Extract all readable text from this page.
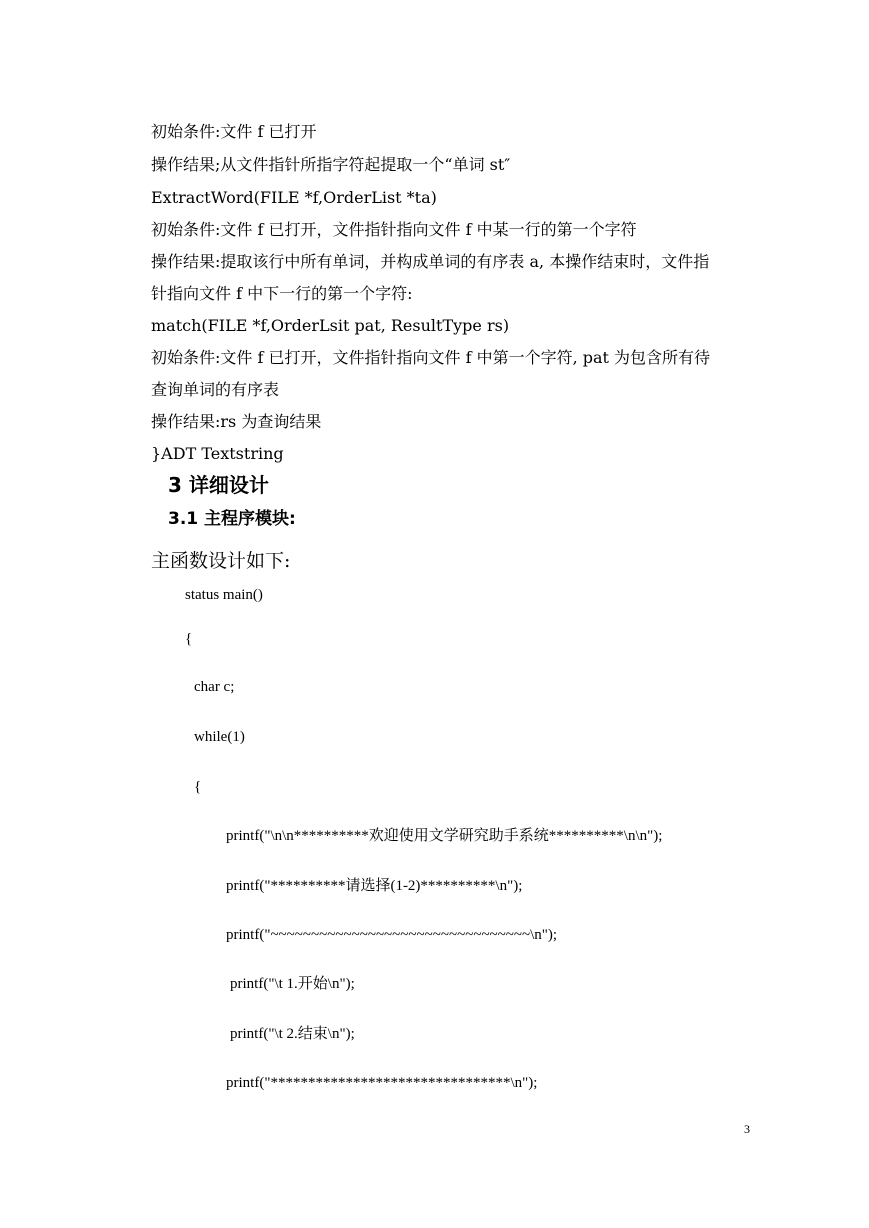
初始条件:文件 f 已打开
操作结果;从文件指针所指字符起提取一个“单词 st″
ExtractWord(FILE *f,OrderList *ta)
初始条件:文件 f 已打开，文件指针指向文件 f 中某一行的第一个字符
操作结果:提取该行中所有单词，并构成单词的有序表 a, 本操作结束时，文件指
针指向文件 f 中下一行的第一个字符:
match(FILE *f,OrderLsit pat, ResultType rs)
初始条件:文件 f 已打开，文件指针指向文件 f 中第一个字符, pat 为包含所有待
查询单词的有序表
操作结果:rs 为查询结果
}ADT Textstring
3 详细设计
3.1 主程序模块:
主函数设计如下:
status main()
{
char c;
while(1)
{
printf("\n\n**********欢迎使用文学研究助手系统**********\n\n");
printf("**********请选择(1-2)**********\n");
printf("~~~~~~~~~~~~~~~~~~~~~~~~~~~~~~~~\n");
printf("\t 1.开始\n");
printf("\t 2.结束\n");
printf("********************************\n");
3
